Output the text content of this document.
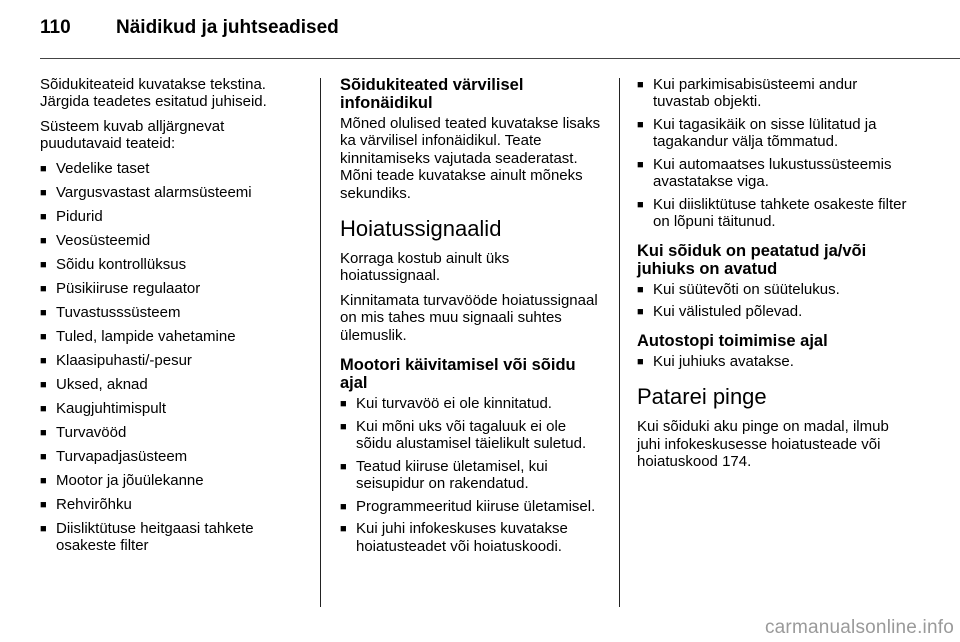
110 Näidikud ja juhtseadised

Sõidukiteateid kuvatakse tekstina. Järgida teadetes esitatud juhiseid.

Süsteem kuvab alljärgnevat puudutavaid teateid:

■ Vedelike taset
■ Vargusvastast alarmsüsteemi
■ Pidurid
■ Veosüsteemid
■ Sõidu kontrollüksus
■ Püsikiiruse regulaator
■ Tuvastusssüsteem
■ Tuled, lampide vahetamine
■ Klaasipuhasti/-pesur
■ Uksed, aknad
■ Kaugjuhtimispult
■ Turvavööd
■ Turvapadjasüsteem
■ Mootor ja jõuülekanne
■ Rehvirõhku
■ Diisliktütuse heitgaasi tahkete osakeste filter
Sõidukiteated värvilisel infonäidikul

Mõned olulised teated kuvatakse lisaks ka värvilisel infonäidikul. Teate kinnitamiseks vajutada seaderatast. Mõni teade kuvatakse ainult mõneks sekundiks.

Hoiatussignaalid

Korraga kostub ainult üks hoiatussignaal.

Kinnitamata turvavööde hoiatussignaal on mis tahes muu signaali suhtes ülemuslik.

Mootori käivitamisel või sõidu ajal
■ Kui turvavöö ei ole kinnitatud.
■ Kui mõni uks või tagaluuk ei ole sõidu alustamisel täielikult suletud.
■ Teatud kiiruse ületamisel, kui seisupidur on rakendatud.
■ Programmeeritud kiiruse ületamisel.
■ Kui juhi infokeskuses kuvatakse hoiatusteadet või hoiatuskoodi.
■ Kui parkimisabisüsteemi andur tuvastab objekti.
■ Kui tagasikäik on sisse lülitatud ja tagakandur välja tõmmatud.
■ Kui automaatses lukustussüsteemis avastatakse viga.
■ Kui diisliktütuse tahkete osakeste filter on lõpuni täitunud.
Kui sõiduk on peatatud ja/või juhiuks on avatud
■ Kui süütevõti on süütelukus.
■ Kui välistuled põlevad.
Autostopi toimimise ajal
■ Kui juhiuks avatakse.
Patarei pinge

Kui sõiduki aku pinge on madal, ilmub juhi infokeskusesse hoiatusteade või hoiatuskood 174.

carmanualsonline.info
